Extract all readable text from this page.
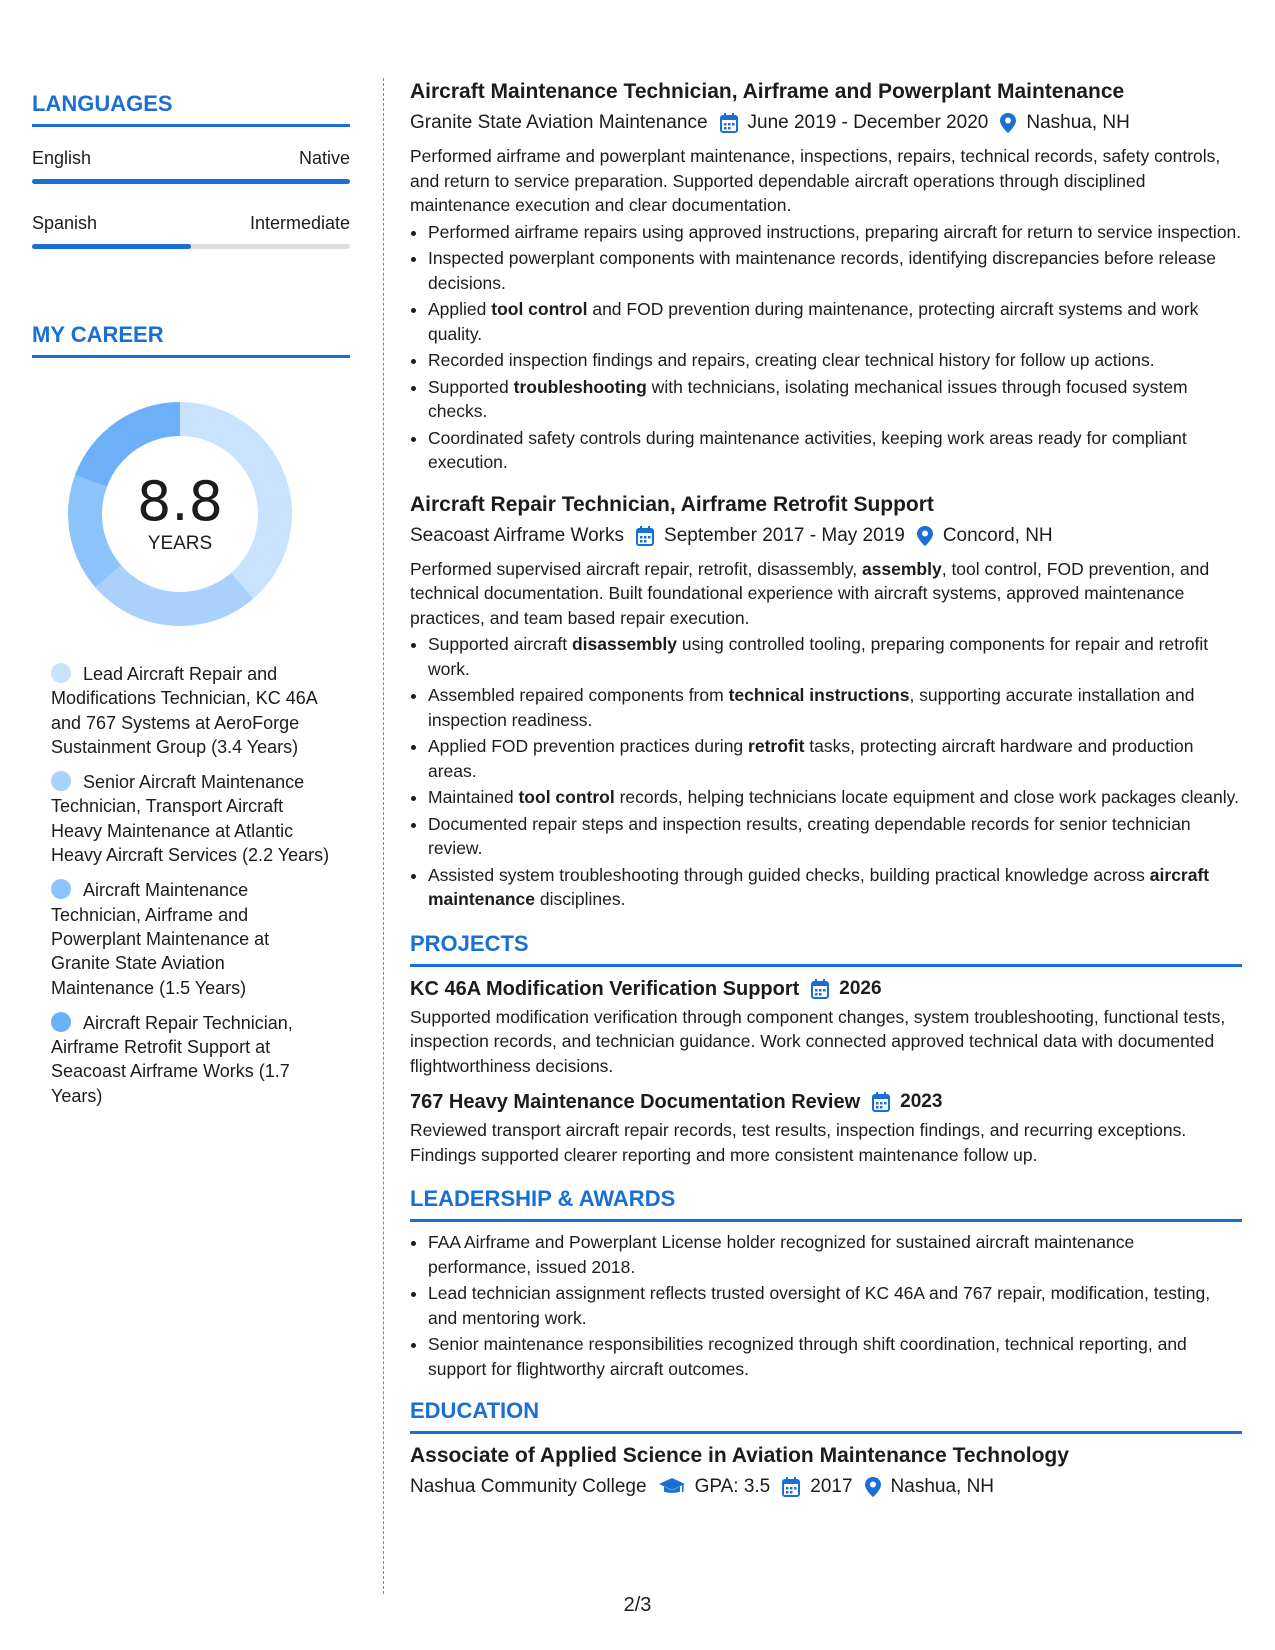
LANGUAGES
English	Native
Spanish	Intermediate
MY CAREER
8.8
YEARS
Lead Aircraft Repair and Modifications Technician, KC 46A and 767 Systems at AeroForge Sustainment Group (3.4 Years)
Senior Aircraft Maintenance Technician, Transport Aircraft Heavy Maintenance at Atlantic Heavy Aircraft Services (2.2 Years)
Aircraft Maintenance Technician, Airframe and Powerplant Maintenance at Granite State Aviation Maintenance (1.5 Years)
Aircraft Repair Technician, Airframe Retrofit Support at Seacoast Airframe Works (1.7 Years)
Aircraft Maintenance Technician, Airframe and Powerplant Maintenance
Granite State Aviation Maintenance June 2019 - December 2020 Nashua, NH
Performed airframe and powerplant maintenance, inspections, repairs, technical records, safety controls, and return to service preparation. Supported dependable aircraft operations through disciplined maintenance execution and clear documentation.
• Performed airframe repairs using approved instructions, preparing aircraft for return to service inspection.
• Inspected powerplant components with maintenance records, identifying discrepancies before release decisions.
• Applied tool control and FOD prevention during maintenance, protecting aircraft systems and work quality.
• Recorded inspection findings and repairs, creating clear technical history for follow up actions.
• Supported troubleshooting with technicians, isolating mechanical issues through focused system checks.
• Coordinated safety controls during maintenance activities, keeping work areas ready for compliant execution.
Aircraft Repair Technician, Airframe Retrofit Support
Seacoast Airframe Works September 2017 - May 2019 Concord, NH
Performed supervised aircraft repair, retrofit, disassembly, assembly, tool control, FOD prevention, and technical documentation. Built foundational experience with aircraft systems, approved maintenance practices, and team based repair execution.
• Supported aircraft disassembly using controlled tooling, preparing components for repair and retrofit work.
• Assembled repaired components from technical instructions, supporting accurate installation and inspection readiness.
• Applied FOD prevention practices during retrofit tasks, protecting aircraft hardware and production areas.
• Maintained tool control records, helping technicians locate equipment and close work packages cleanly.
• Documented repair steps and inspection results, creating dependable records for senior technician review.
• Assisted system troubleshooting through guided checks, building practical knowledge across aircraft maintenance disciplines.
PROJECTS
KC 46A Modification Verification Support 2026
Supported modification verification through component changes, system troubleshooting, functional tests, inspection records, and technician guidance. Work connected approved technical data with documented flightworthiness decisions.
767 Heavy Maintenance Documentation Review 2023
Reviewed transport aircraft repair records, test results, inspection findings, and recurring exceptions. Findings supported clearer reporting and more consistent maintenance follow up.
LEADERSHIP & AWARDS
• FAA Airframe and Powerplant License holder recognized for sustained aircraft maintenance performance, issued 2018.
• Lead technician assignment reflects trusted oversight of KC 46A and 767 repair, modification, testing, and mentoring work.
• Senior maintenance responsibilities recognized through shift coordination, technical reporting, and support for flightworthy aircraft outcomes.
EDUCATION
Associate of Applied Science in Aviation Maintenance Technology
Nashua Community College	GPA: 3.5 2017 Nashua, NH
2/3
